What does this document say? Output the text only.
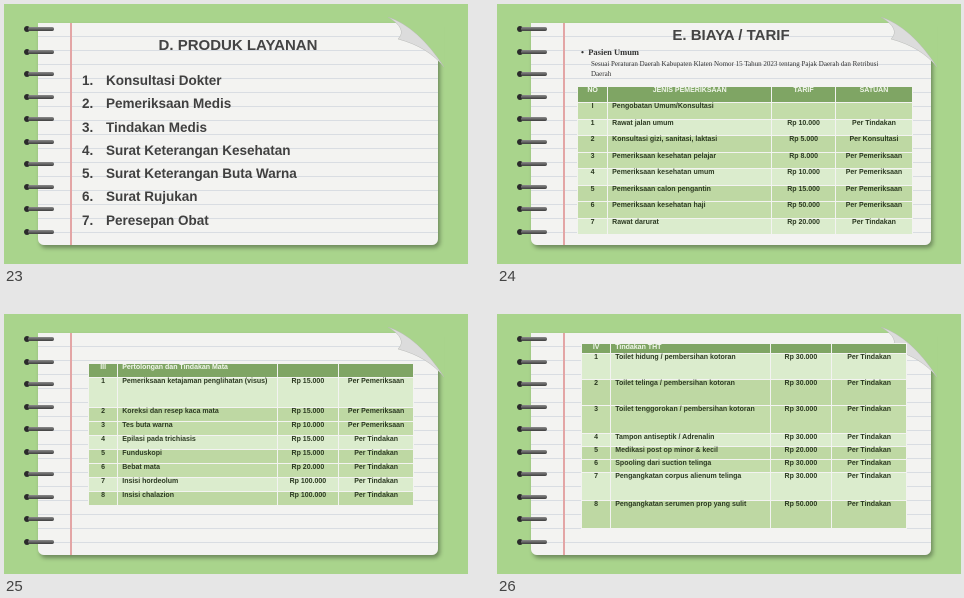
D. PRODUK LAYANAN
1. Konsultasi Dokter
2. Pemeriksaan Medis
3. Tindakan Medis
4. Surat Keterangan Kesehatan
5. Surat Keterangan Buta Warna
6. Surat Rujukan
7. Peresepan Obat
23
E. BIAYA / TARIF
•  Pasien Umum
Sesuai Peraturan Daerah Kabupaten Klaten Nomor 15 Tahun 2023 tentang Pajak Daerah dan Retribusi Daerah
NO	JENIS PEMERIKSAAN	TARIF	SATUAN
I	Pengobatan Umum/Konsultasi		
1	Rawat jalan umum	Rp 10.000	Per Tindakan
2	Konsultasi gizi, sanitasi, laktasi	Rp 5.000	Per Konsultasi
3	Pemeriksaan kesehatan pelajar	Rp 8.000	Per Pemeriksaan
4	Pemeriksaan kesehatan umum	Rp 10.000	Per Pemeriksaan
5	Pemeriksaan calon pengantin	Rp 15.000	Per Pemeriksaan
6	Pemeriksaan kesehatan haji	Rp 50.000	Per Pemeriksaan
7	Rawat darurat	Rp 20.000	Per Tindakan
24
III	Pertolongan dan Tindakan Mata		
1	Pemeriksaan ketajaman penglihatan (visus)	Rp 15.000	Per Pemeriksaan
2	Koreksi dan resep kaca mata	Rp 15.000	Per Pemeriksaan
3	Tes buta warna	Rp 10.000	Per Pemeriksaan
4	Epilasi pada trichiasis	Rp 15.000	Per Tindakan
5	Funduskopi	Rp 15.000	Per Tindakan
6	Bebat mata	Rp 20.000	Per Tindakan
7	Insisi hordeolum	Rp 100.000	Per Tindakan
8	Insisi chalazion	Rp 100.000	Per Tindakan
25
IV	Tindakan THT		
1	Toilet hidung / pembersihan kotoran	Rp 30.000	Per Tindakan
2	Toilet telinga / pembersihan kotoran	Rp 30.000	Per Tindakan
3	Toilet tenggorokan / pembersihan kotoran	Rp 30.000	Per Tindakan
4	Tampon antiseptik / Adrenalin	Rp 30.000	Per Tindakan
5	Medikasi post op minor & kecil	Rp 20.000	Per Tindakan
6	Spooling dari suction telinga	Rp 30.000	Per Tindakan
7	Pengangkatan corpus alienum telinga	Rp 30.000	Per Tindakan
8	Pengangkatan serumen prop yang sulit	Rp 50.000	Per Tindakan
26
